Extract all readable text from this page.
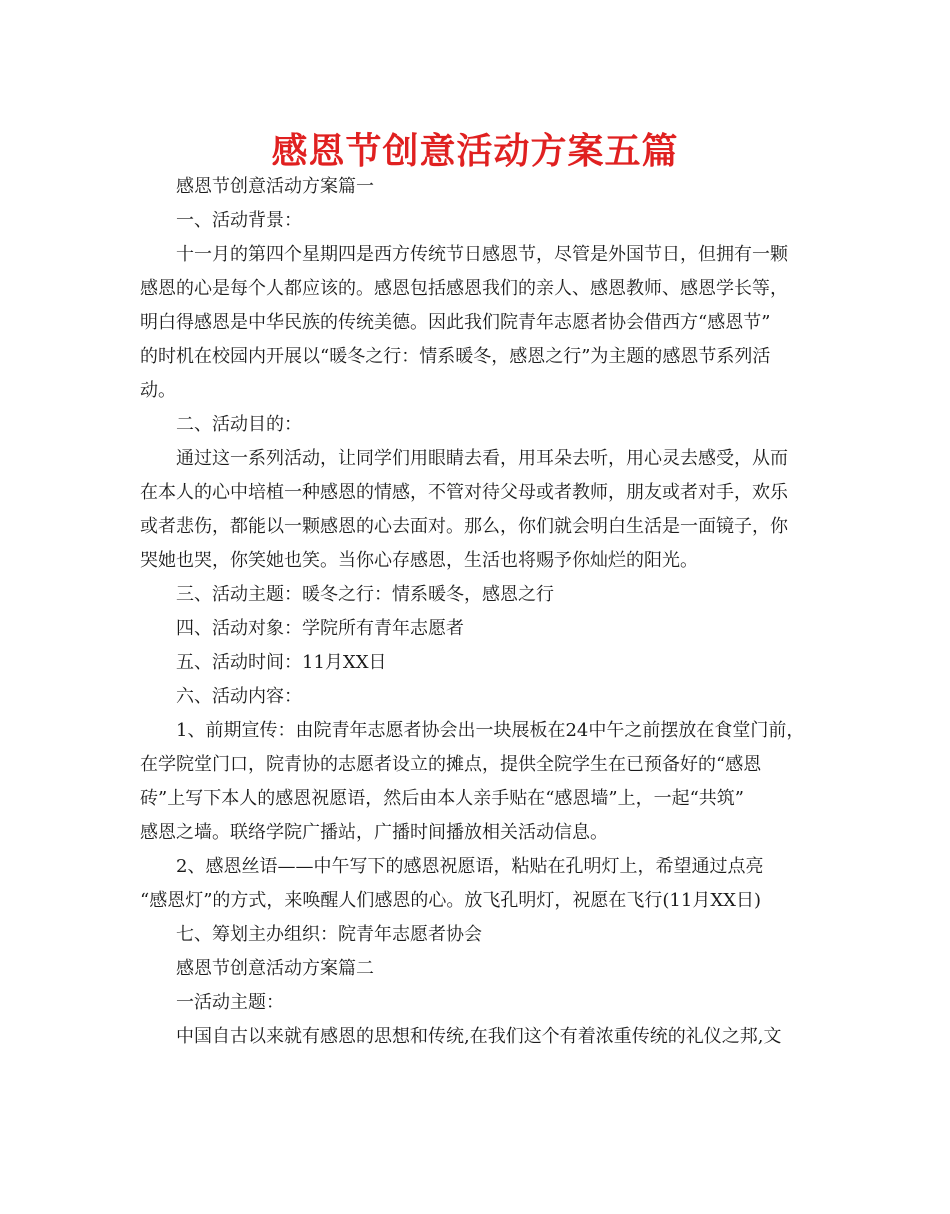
感恩节创意活动方案五篇
感恩节创意活动方案篇一
一、活动背景：
十一月的第四个星期四是西方传统节日感恩节，尽管是外国节日，但拥有一颗
感恩的心是每个人都应该的。感恩包括感恩我们的亲人、感恩教师、感恩学长等，
明白得感恩是中华民族的传统美德。因此我们院青年志愿者协会借西方“感恩节”
的时机在校园内开展以“暖冬之行：情系暖冬，感恩之行”为主题的感恩节系列活
动。
二、活动目的：
通过这一系列活动，让同学们用眼睛去看，用耳朵去听，用心灵去感受，从而
在本人的心中培植一种感恩的情感，不管对待父母或者教师，朋友或者对手，欢乐
或者悲伤，都能以一颗感恩的心去面对。那么，你们就会明白生活是一面镜子，你
哭她也哭，你笑她也笑。当你心存感恩，生活也将赐予你灿烂的阳光。
三、活动主题：暖冬之行：情系暖冬，感恩之行
四、活动对象：学院所有青年志愿者
五、活动时间：11月XX日
六、活动内容：
1、前期宣传：由院青年志愿者协会出一块展板在24中午之前摆放在食堂门前，
在学院堂门口，院青协的志愿者设立的摊点，提供全院学生在已预备好的“感恩
砖”上写下本人的感恩祝愿语，然后由本人亲手贴在“感恩墙”上，一起“共筑”
感恩之墙。联络学院广播站，广播时间播放相关活动信息。
2、感恩丝语——中午写下的感恩祝愿语，粘贴在孔明灯上，希望通过点亮
“感恩灯”的方式，来唤醒人们感恩的心。放飞孔明灯，祝愿在飞行(11月XX日)
七、筹划主办组织：院青年志愿者协会
感恩节创意活动方案篇二
一活动主题：
中国自古以来就有感恩的思想和传统,在我们这个有着浓重传统的礼仪之邦,文
